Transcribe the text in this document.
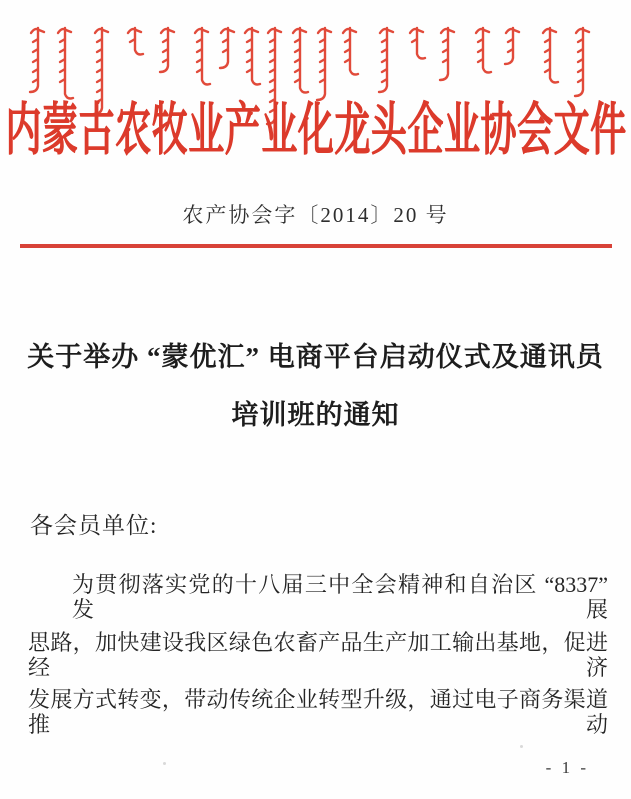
内蒙古农牧业产业化龙头企业协会文件
农产协会字〔2014〕20 号
关于举办 “蒙优汇” 电商平台启动仪式及通讯员
培训班的通知
各会员单位:
为贯彻落实党的十八届三中全会精神和自治区 “8337” 发展
思路，加快建设我区绿色农畜产品生产加工输出基地，促进经济
发展方式转变，带动传统企业转型升级，通过电子商务渠道推动
- 1 -
